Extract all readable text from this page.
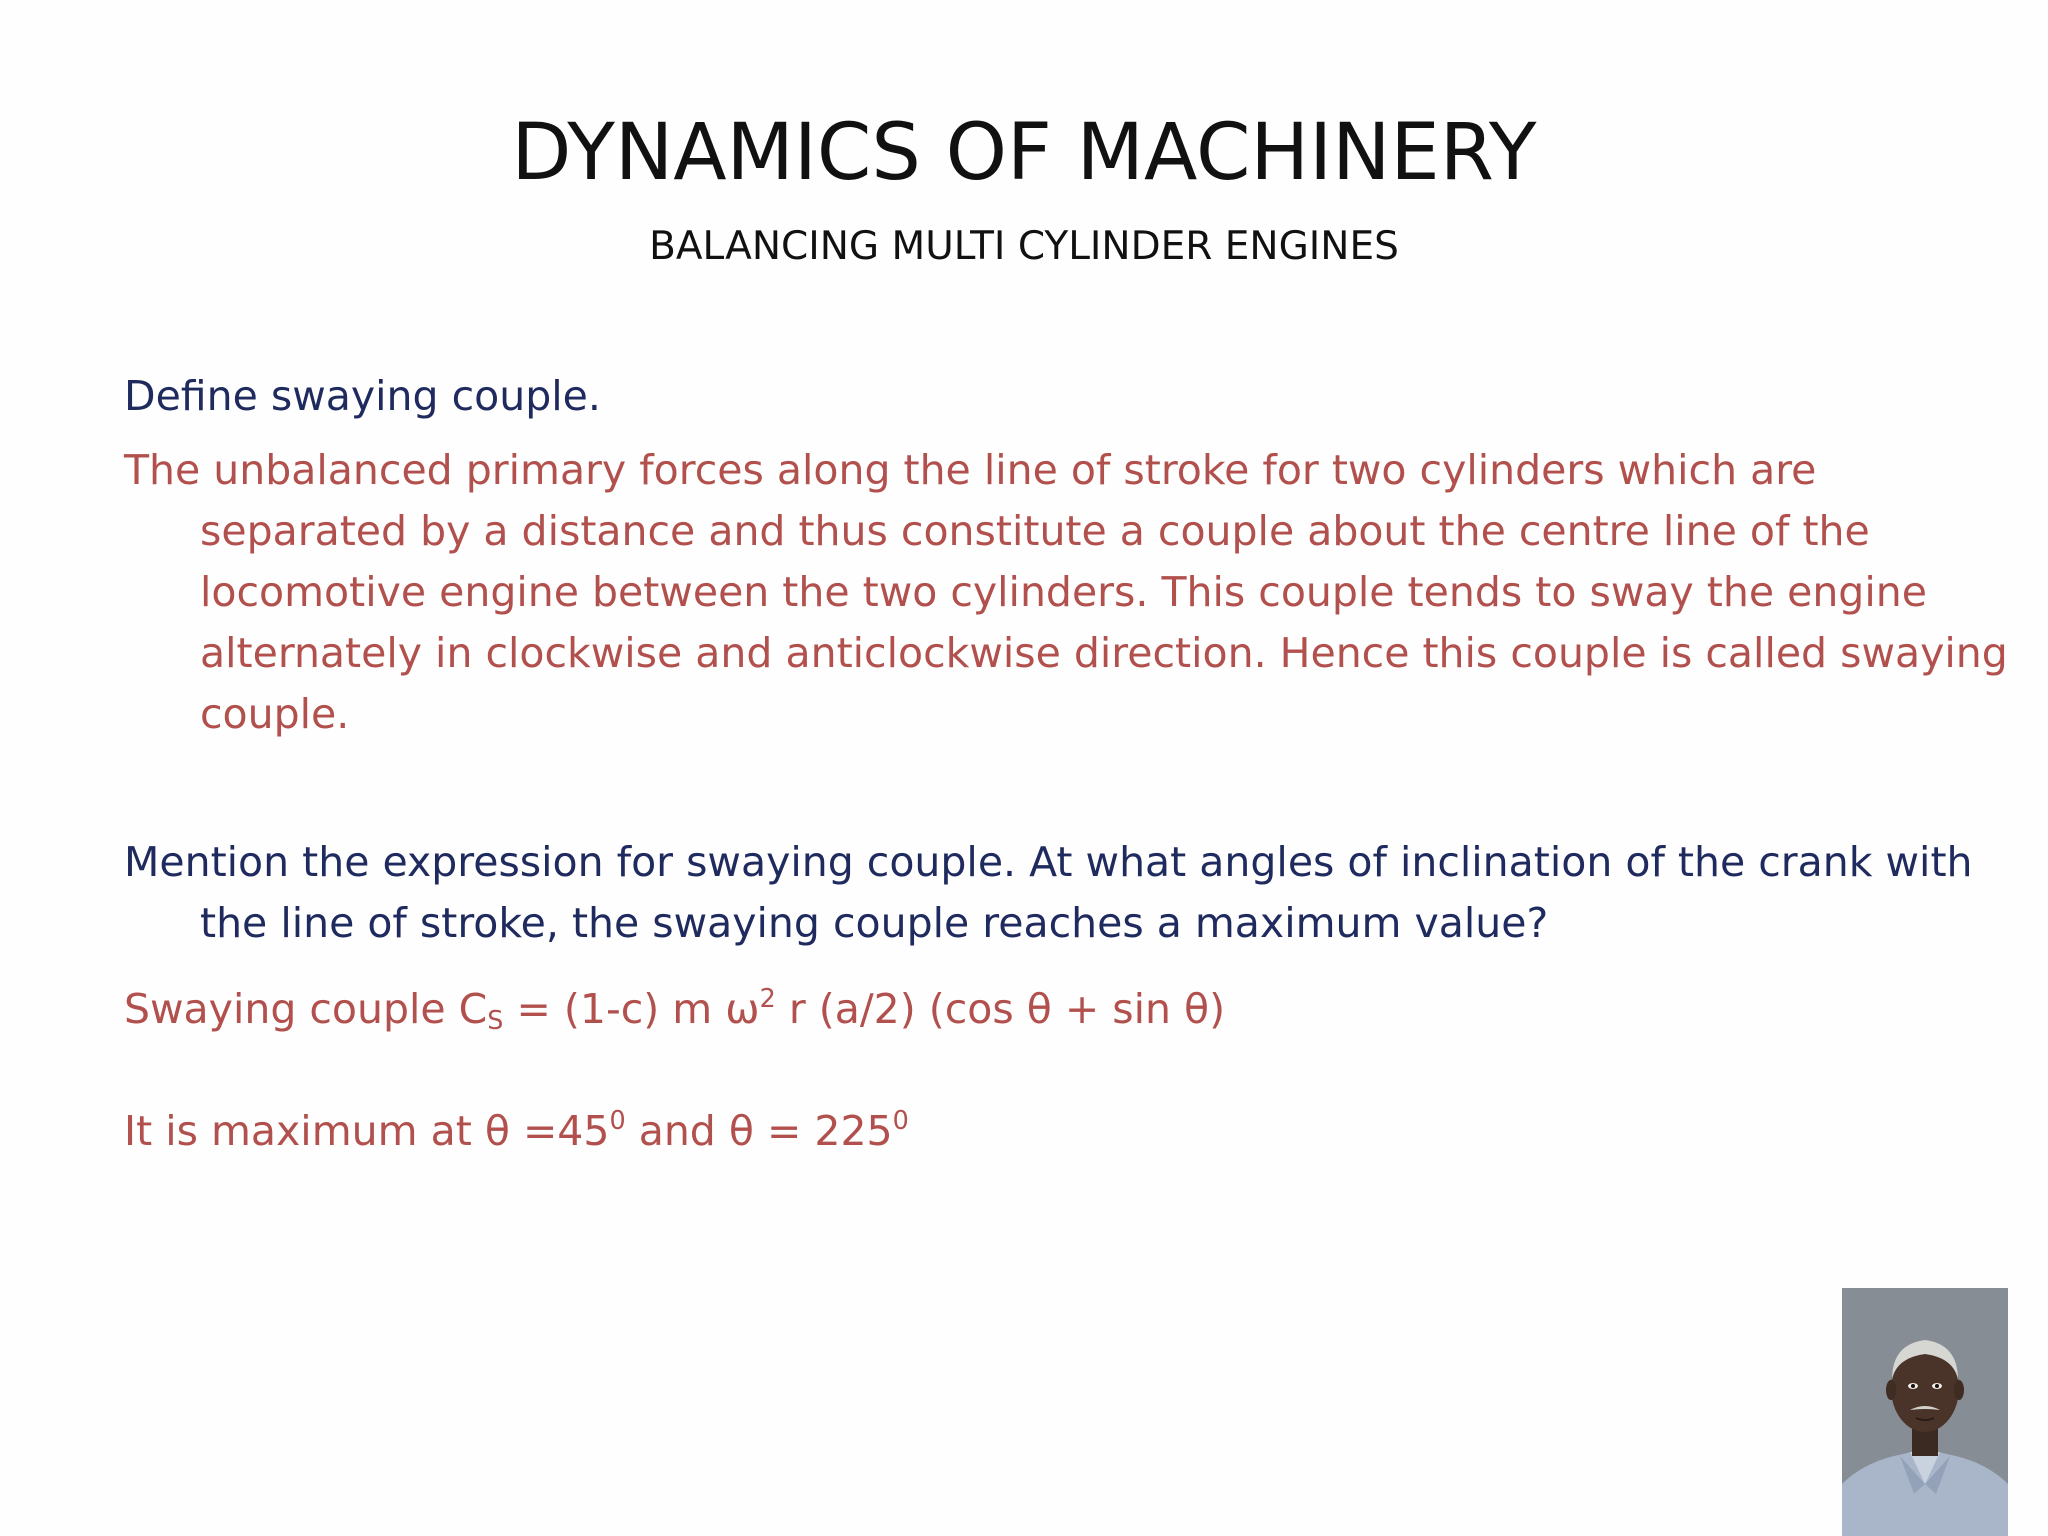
DYNAMICS OF MACHINERY
BALANCING MULTI CYLINDER ENGINES
Define swaying couple.
The unbalanced primary forces along the line of stroke for two cylinders which are separated by a distance and thus constitute a couple about the centre line of the locomotive engine between the two cylinders. This couple tends to sway the engine alternately in clockwise and anticlockwise direction. Hence this couple is called swaying couple.
Mention the expression for swaying couple. At what angles of inclination of the crank with the line of stroke, the swaying couple reaches a maximum value?
Swaying couple $C_S = (1-c)$ m $\omega^2$ r (a/2) (cos θ + sin θ)
It is maximum at $\theta =45^0$ and $\theta = 225^0$
